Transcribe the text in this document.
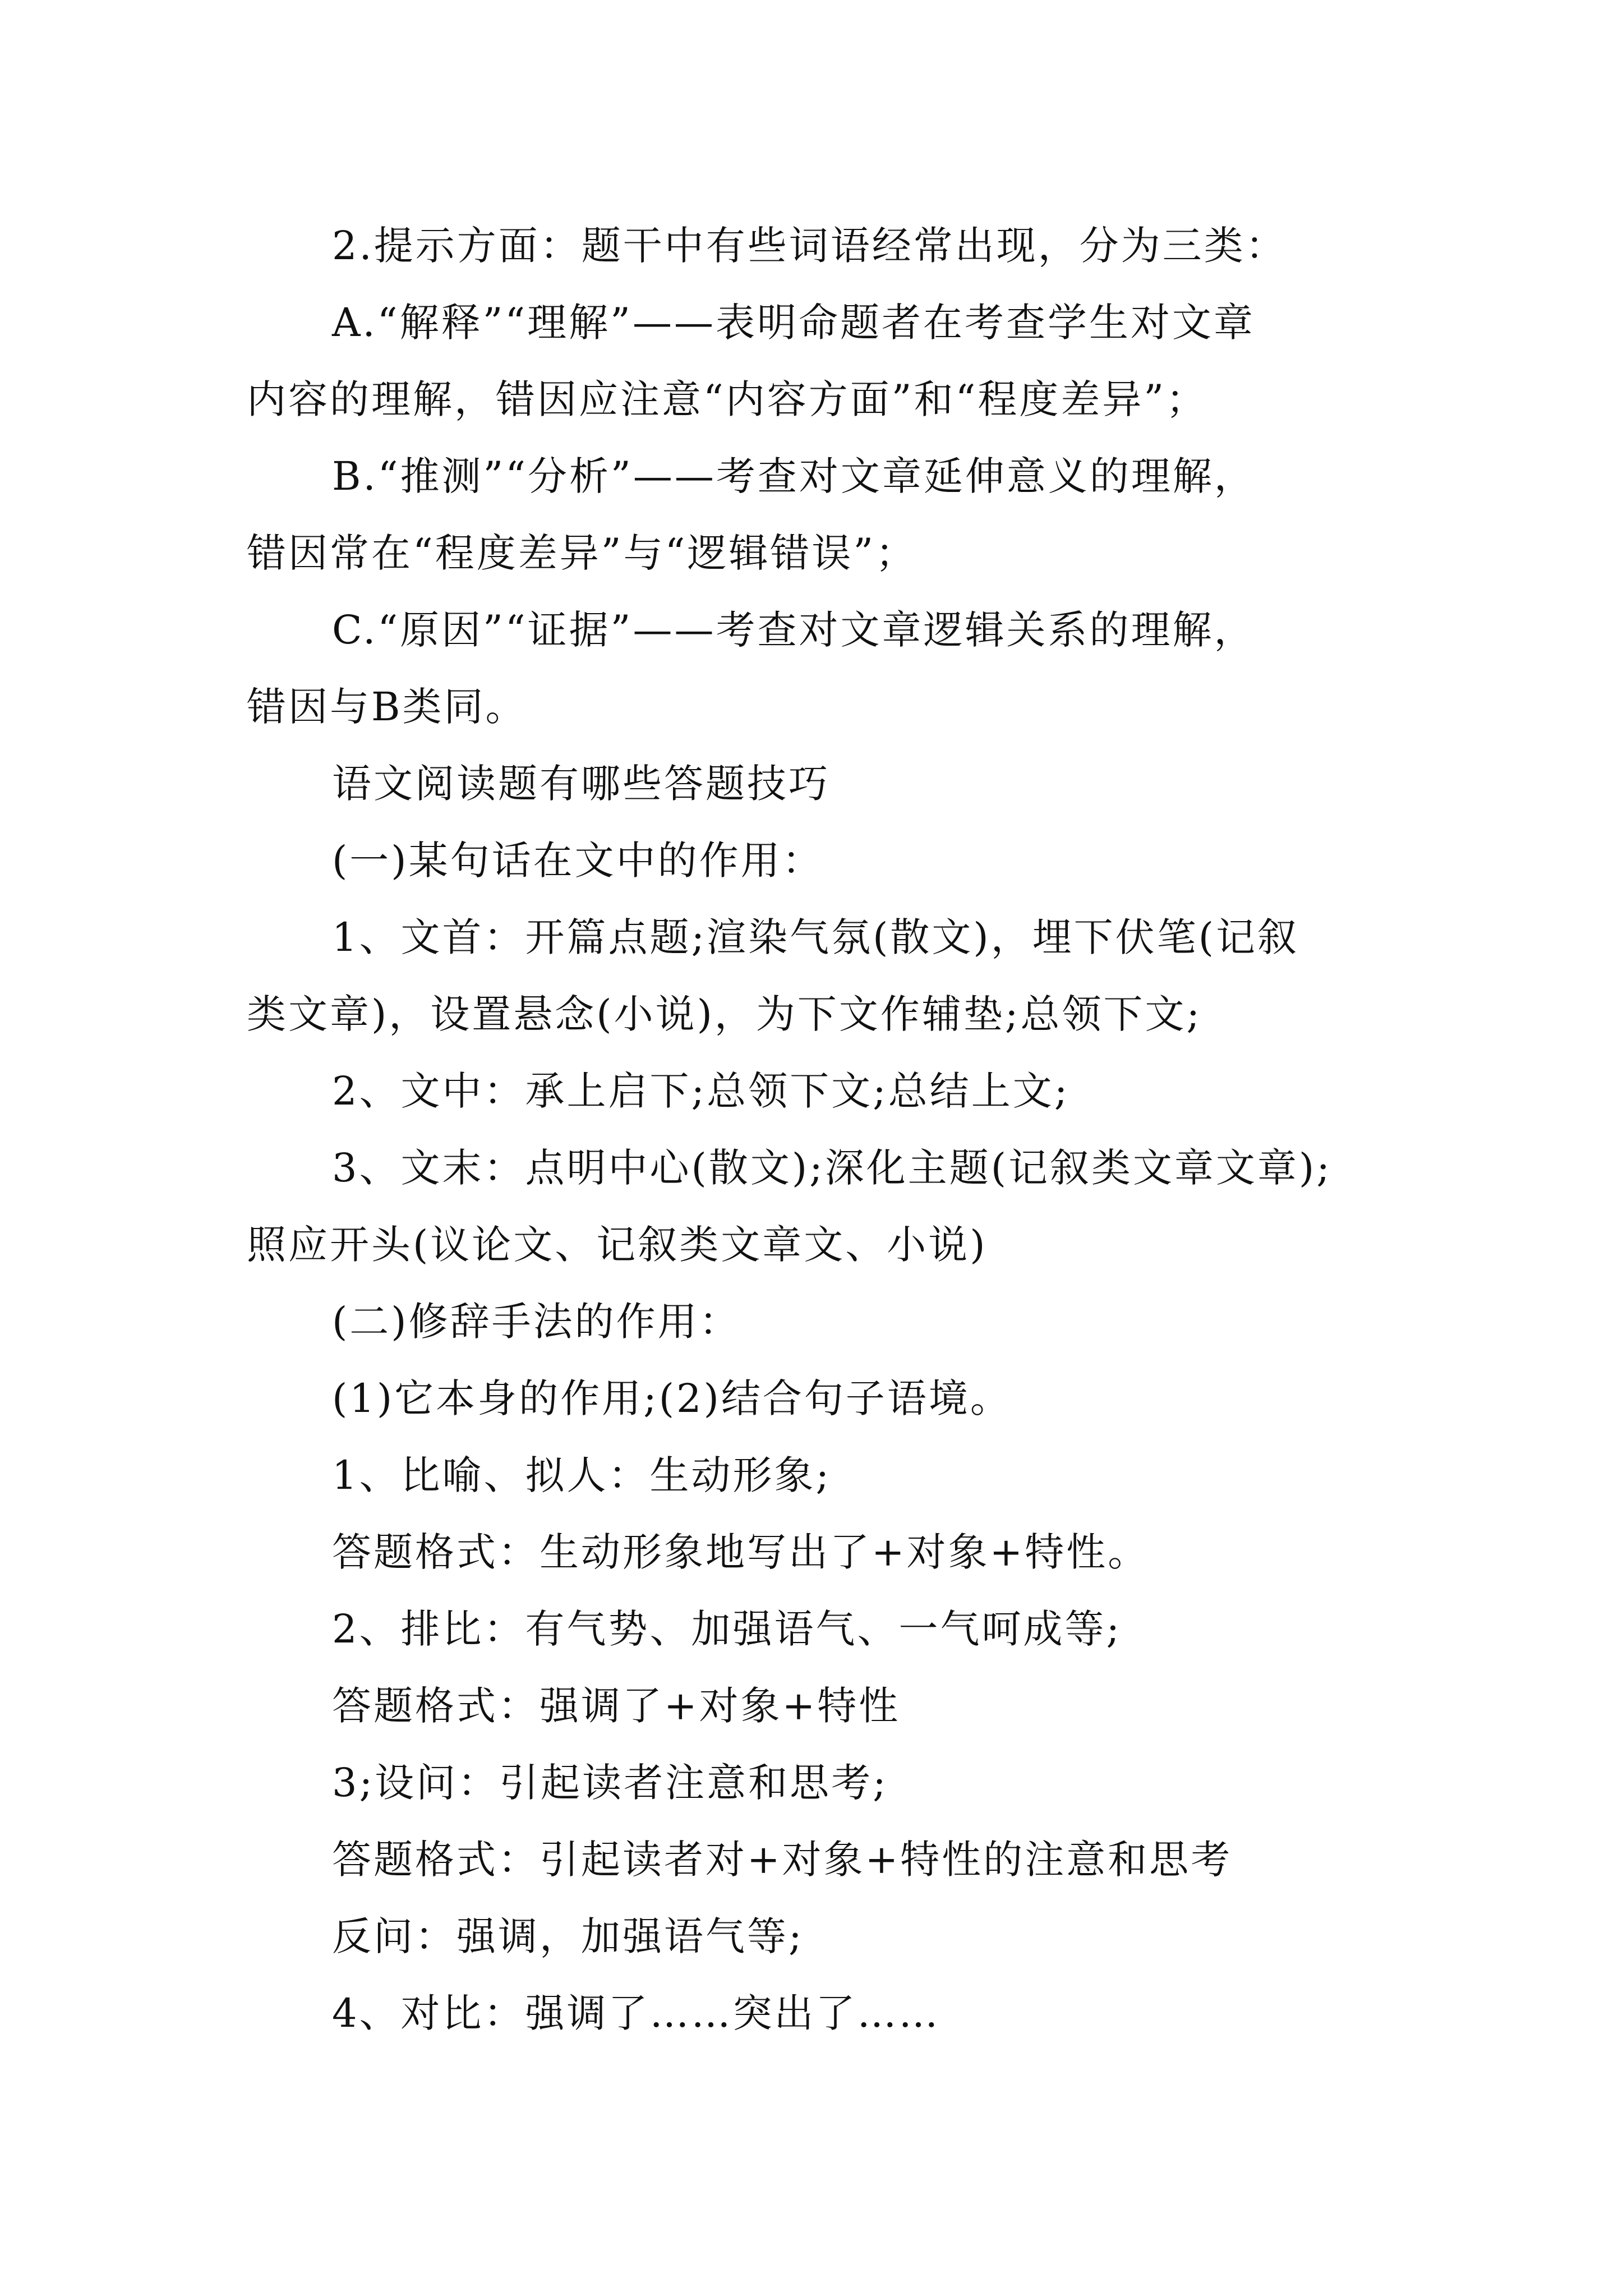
2.提示方面：题干中有些词语经常出现，分为三类：
A.“解释”“理解”——表明命题者在考查学生对文章
内容的理解，错因应注意“内容方面”和“程度差异”；
B.“推测”“分析”——考查对文章延伸意义的理解，
错因常在“程度差异”与“逻辑错误”；
C.“原因”“证据”——考查对文章逻辑关系的理解，
错因与B类同。
语文阅读题有哪些答题技巧
(一)某句话在文中的作用：
1、文首：开篇点题;渲染气氛(散文)，埋下伏笔(记叙
类文章)，设置悬念(小说)，为下文作辅垫;总领下文;
2、文中：承上启下;总领下文;总结上文;
3、文末：点明中心(散文);深化主题(记叙类文章文章);
照应开头(议论文、记叙类文章文、小说)
(二)修辞手法的作用：
(1)它本身的作用;(2)结合句子语境。
1、比喻、拟人：生动形象;
答题格式：生动形象地写出了+对象+特性。
2、排比：有气势、加强语气、一气呵成等;
答题格式：强调了+对象+特性
3;设问：引起读者注意和思考;
答题格式：引起读者对+对象+特性的注意和思考
反问：强调，加强语气等;
4、对比：强调了……突出了……
